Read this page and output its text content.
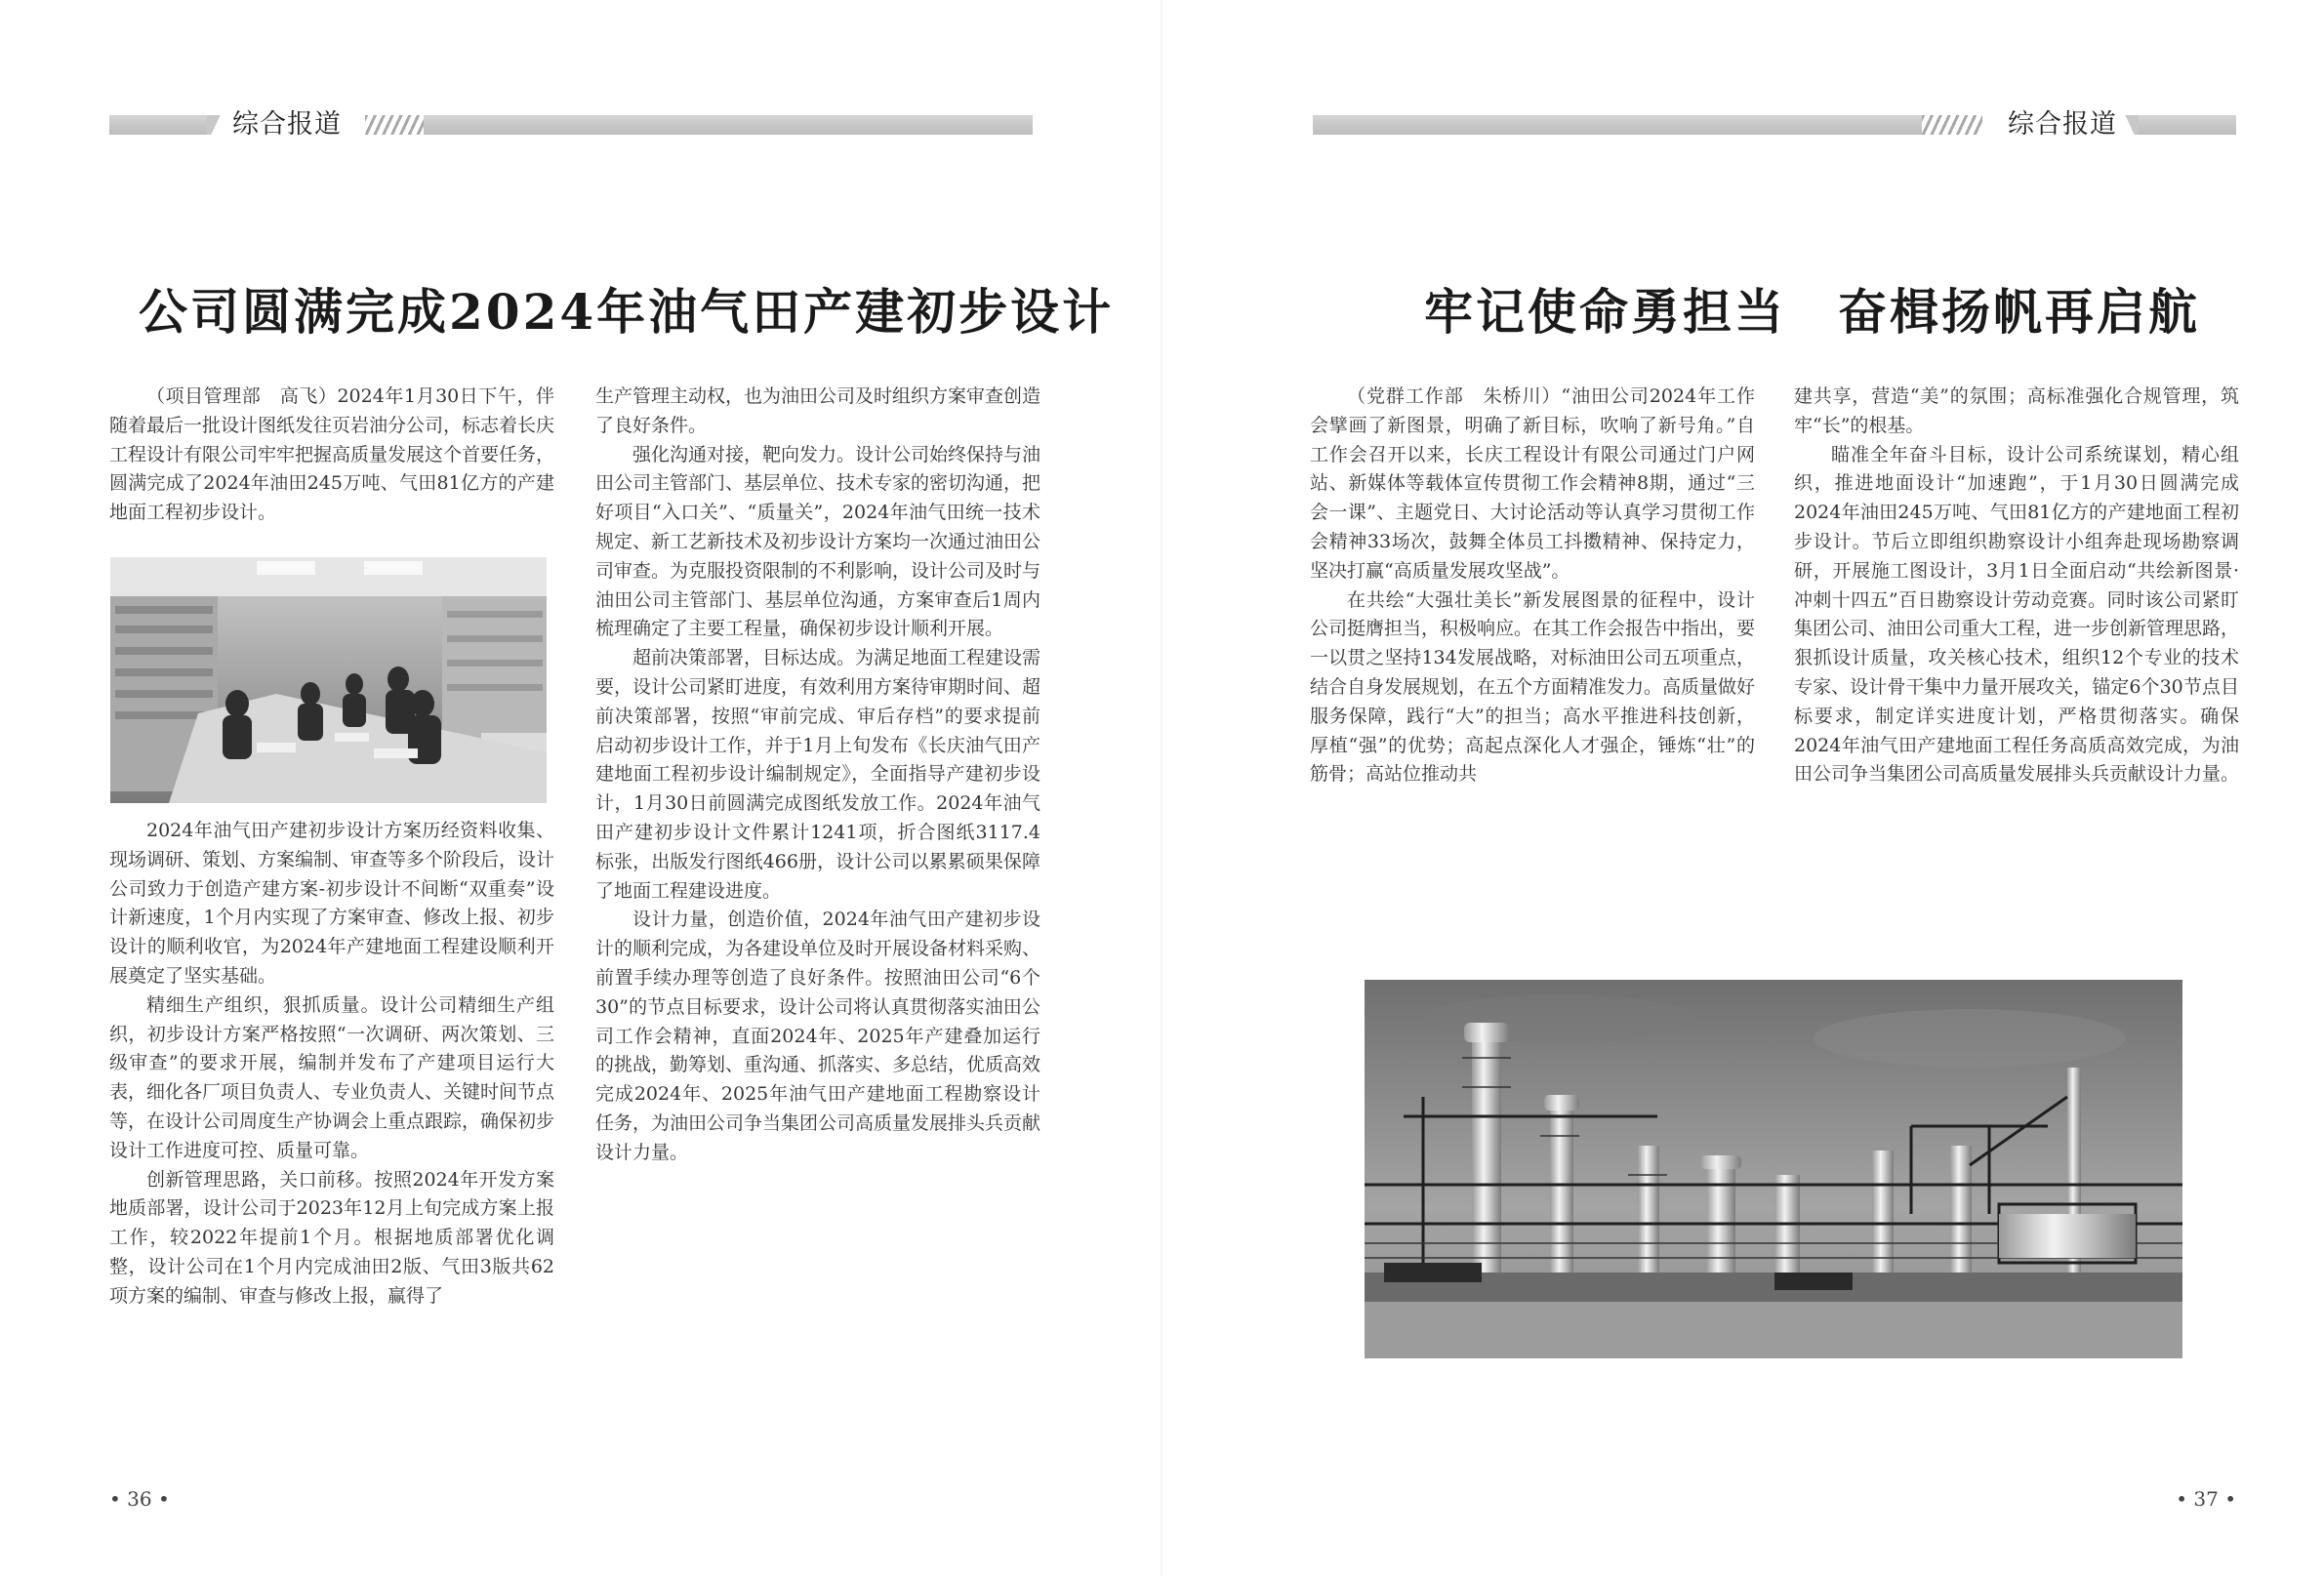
综合报道
公司圆满完成2024年油气田产建初步设计

（项目管理部　高飞）2024年1月30日下午，伴随着最后一批设计图纸发往页岩油分公司，标志着长庆工程设计有限公司牢牢把握高质量发展这个首要任务，圆满完成了2024年油田245万吨、气田81亿方的产建地面工程初步设计。

2024年油气田产建初步设计方案历经资料收集、现场调研、策划、方案编制、审查等多个阶段后，设计公司致力于创造产建方案-初步设计不间断“双重奏”设计新速度，1个月内实现了方案审查、修改上报、初步设计的顺利收官，为2024年产建地面工程建设顺利开展奠定了坚实基础。

精细生产组织，狠抓质量。设计公司精细生产组织，初步设计方案严格按照“一次调研、两次策划、三级审查”的要求开展，编制并发布了产建项目运行大表，细化各厂项目负责人、专业负责人、关键时间节点等，在设计公司周度生产协调会上重点跟踪，确保初步设计工作进度可控、质量可靠。

创新管理思路，关口前移。按照2024年开发方案地质部署，设计公司于2023年12月上旬完成方案上报工作，较2022年提前1个月。根据地质部署优化调整，设计公司在1个月内完成油田2版、气田3版共62项方案的编制、审查与修改上报，赢得了

生产管理主动权，也为油田公司及时组织方案审查创造了良好条件。

强化沟通对接，靶向发力。设计公司始终保持与油田公司主管部门、基层单位、技术专家的密切沟通，把好项目“入口关”、“质量关”，2024年油气田统一技术规定、新工艺新技术及初步设计方案均一次通过油田公司审查。为克服投资限制的不利影响，设计公司及时与油田公司主管部门、基层单位沟通，方案审查后1周内梳理确定了主要工程量，确保初步设计顺利开展。

超前决策部署，目标达成。为满足地面工程建设需要，设计公司紧盯进度，有效利用方案待审期时间、超前决策部署，按照“审前完成、审后存档”的要求提前启动初步设计工作，并于1月上旬发布《长庆油气田产建地面工程初步设计编制规定》，全面指导产建初步设计，1月30日前圆满完成图纸发放工作。2024年油气田产建初步设计文件累计1241项，折合图纸3117.4标张，出版发行图纸466册，设计公司以累累硕果保障了地面工程建设进度。

设计力量，创造价值，2024年油气田产建初步设计的顺利完成，为各建设单位及时开展设备材料采购、前置手续办理等创造了良好条件。按照油田公司“6个30”的节点目标要求，设计公司将认真贯彻落实油田公司工作会精神，直面2024年、2025年产建叠加运行的挑战，勤筹划、重沟通、抓落实、多总结，优质高效完成2024年、2025年油气田产建地面工程勘察设计任务，为油田公司争当集团公司高质量发展排头兵贡献设计力量。

• 36 •
综合报道
牢记使命勇担当　奋楫扬帆再启航

（党群工作部　朱桥川）“油田公司2024年工作会擘画了新图景，明确了新目标，吹响了新号角。”自工作会召开以来，长庆工程设计有限公司通过门户网站、新媒体等载体宣传贯彻工作会精神8期，通过“三会一课”、主题党日、大讨论活动等认真学习贯彻工作会精神33场次，鼓舞全体员工抖擞精神、保持定力，坚决打赢“高质量发展攻坚战”。

在共绘“大强壮美长”新发展图景的征程中，设计公司挺膺担当，积极响应。在其工作会报告中指出，要一以贯之坚持134发展战略，对标油田公司五项重点，结合自身发展规划，在五个方面精准发力。高质量做好服务保障，践行“大”的担当；高水平推进科技创新，厚植“强”的优势；高起点深化人才强企，锤炼“壮”的筋骨；高站位推动共

建共享，营造“美”的氛围；高标准强化合规管理，筑牢“长”的根基。

瞄准全年奋斗目标，设计公司系统谋划，精心组织，推进地面设计“加速跑”，于1月30日圆满完成2024年油田245万吨、气田81亿方的产建地面工程初步设计。节后立即组织勘察设计小组奔赴现场勘察调研，开展施工图设计，3月1日全面启动“共绘新图景·冲刺十四五”百日勘察设计劳动竞赛。同时该公司紧盯集团公司、油田公司重大工程，进一步创新管理思路，狠抓设计质量，攻关核心技术，组织12个专业的技术专家、设计骨干集中力量开展攻关，锚定6个30节点目标要求，制定详实进度计划，严格贯彻落实。确保2024年油气田产建地面工程任务高质高效完成，为油田公司争当集团公司高质量发展排头兵贡献设计力量。

• 37 •
